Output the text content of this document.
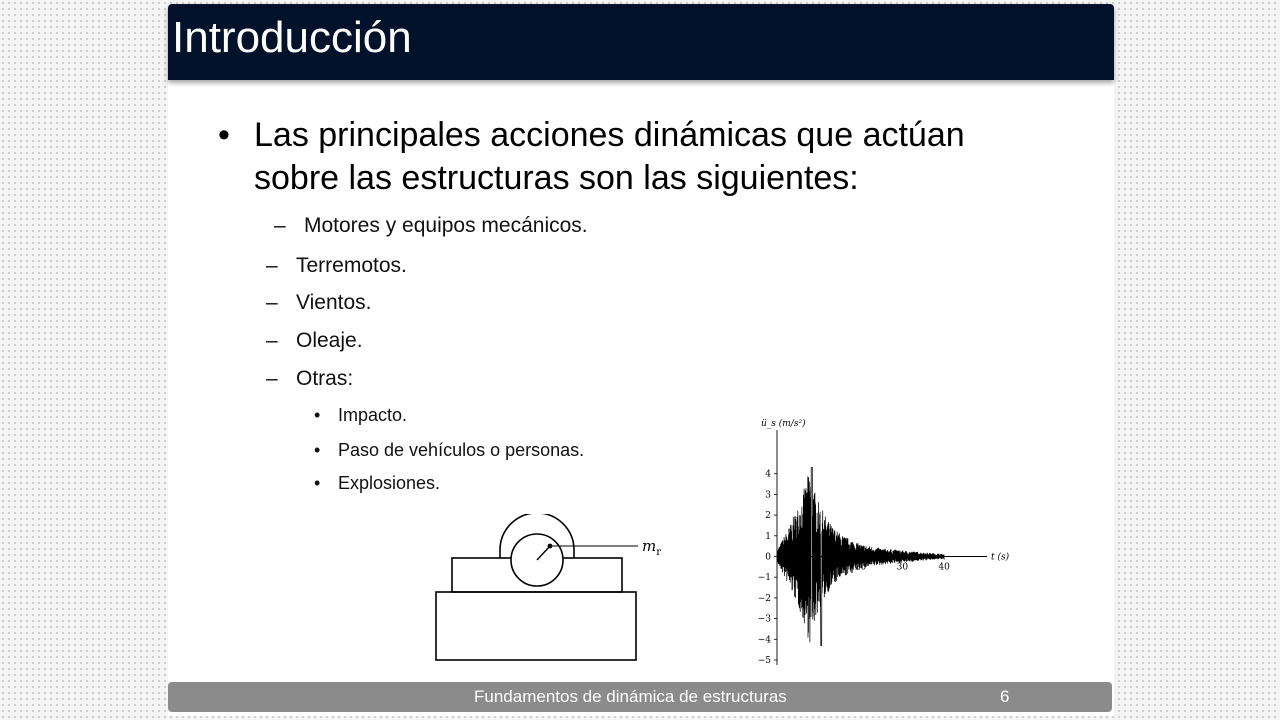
Introducción
• Las principales acciones dinámicas que actúan
sobre las estructuras son las siguientes:
– Motores y equipos mecánicos.
– Terremotos.
– Vientos.
– Oleaje.
– Otras:
• Impacto.
• Paso de vehículos o personas.
• Explosiones.
$m_r$
ü_s (m/s²)
4
3
2
1
0
−1
−2
−3
−4
−5
20	30	40
t (s)
Fundamentos de dinámica de estructuras	6
